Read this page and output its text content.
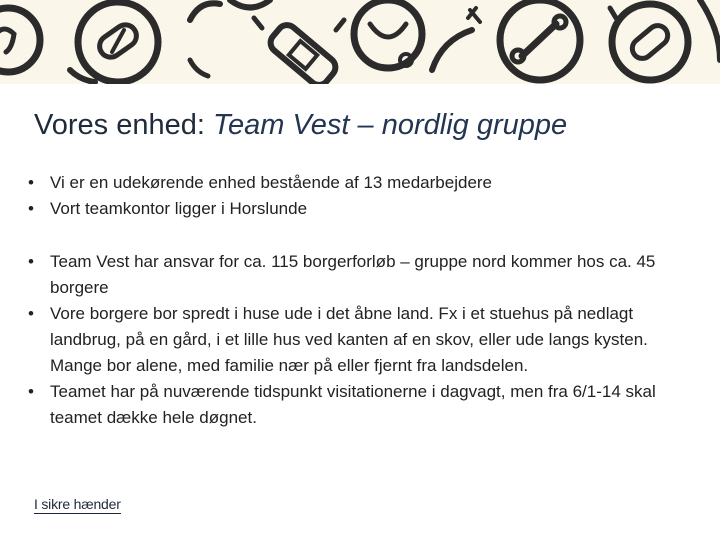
Vores enhed: Team Vest – nordlig gruppe
• Vi er en udekørende enhed bestående af 13 medarbejdere
• Vort teamkontor ligger i Horslunde
• Team Vest har ansvar for ca. 115 borgerforløb – gruppe nord kommer hos ca. 45 borgere
• Vore borgere bor spredt i huse ude i det åbne land. Fx i et stuehus på nedlagt landbrug, på en gård, i et lille hus ved kanten af en skov, eller ude langs kysten. Mange bor alene, med familie nær på eller fjernt fra landsdelen.
• Teamet har på nuværende tidspunkt visitationerne i dagvagt, men fra 6/1-14 skal teamet dække hele døgnet.
I sikre hænder
